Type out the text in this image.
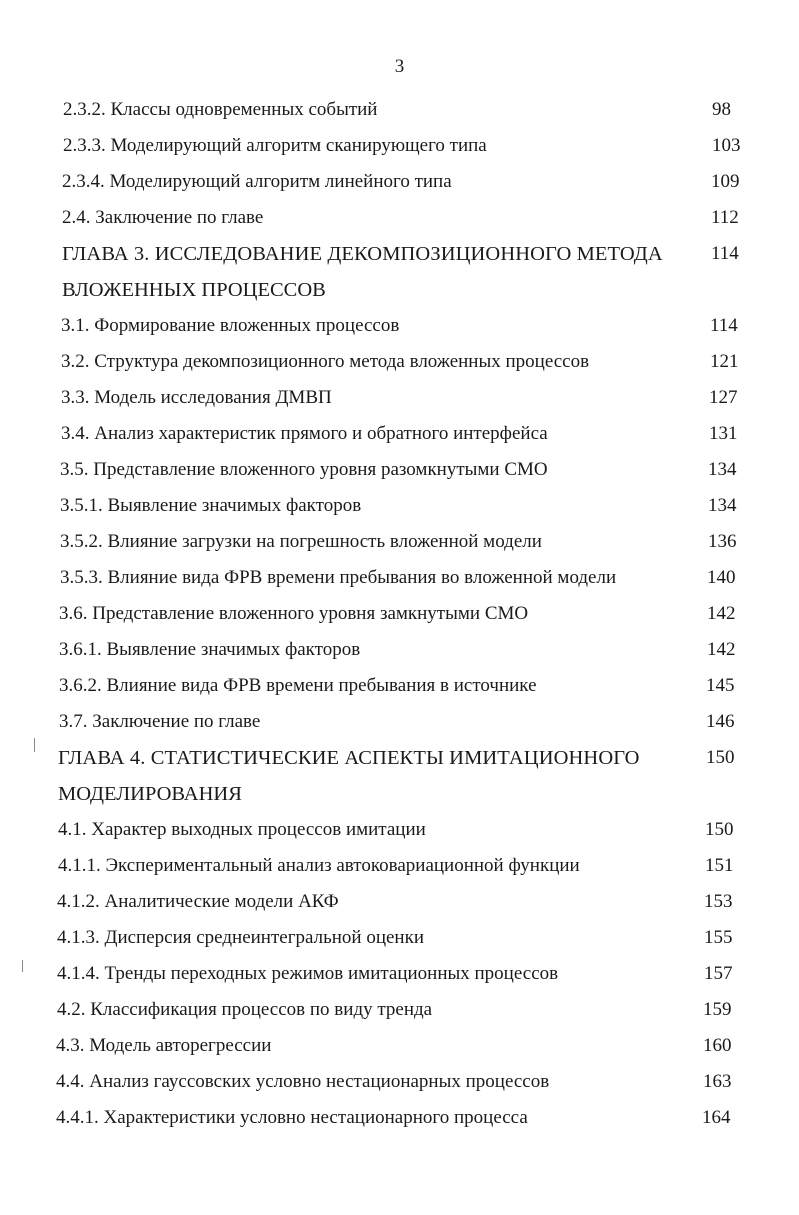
3
2.3.2. Классы одновременных событий	98
2.3.3. Моделирующий алгоритм сканирующего типа	103
2.3.4. Моделирующий алгоритм линейного типа	109
2.4. Заключение по главе	112
ГЛАВА 3. ИССЛЕДОВАНИЕ ДЕКОМПОЗИЦИОННОГО МЕТОДА	114
ВЛОЖЕННЫХ ПРОЦЕССОВ
3.1. Формирование вложенных процессов	114
3.2. Структура декомпозиционного метода вложенных процессов	121
3.3. Модель исследования ДМВП	127
3.4. Анализ характеристик прямого и обратного интерфейса	131
3.5. Представление вложенного уровня разомкнутыми СМО	134
3.5.1. Выявление значимых факторов	134
3.5.2. Влияние загрузки на погрешность вложенной модели	136
3.5.3. Влияние вида ФРВ времени пребывания во вложенной модели	140
3.6. Представление вложенного уровня замкнутыми СМО	142
3.6.1. Выявление значимых факторов	142
3.6.2. Влияние вида ФРВ времени пребывания в источнике	145
3.7. Заключение по главе	146
ГЛАВА 4. СТАТИСТИЧЕСКИЕ АСПЕКТЫ ИМИТАЦИОННОГО	150
МОДЕЛИРОВАНИЯ
4.1. Характер выходных процессов имитации	150
4.1.1. Экспериментальный анализ автоковариационной функции	151
4.1.2. Аналитические модели АКФ	153
4.1.3. Дисперсия среднеинтегральной оценки	155
4.1.4. Тренды переходных режимов имитационных процессов	157
4.2. Классификация процессов по виду тренда	159
4.3. Модель авторегрессии	160
4.4. Анализ гауссовских условно нестационарных процессов	163
4.4.1. Характеристики условно нестационарного процесса	164
